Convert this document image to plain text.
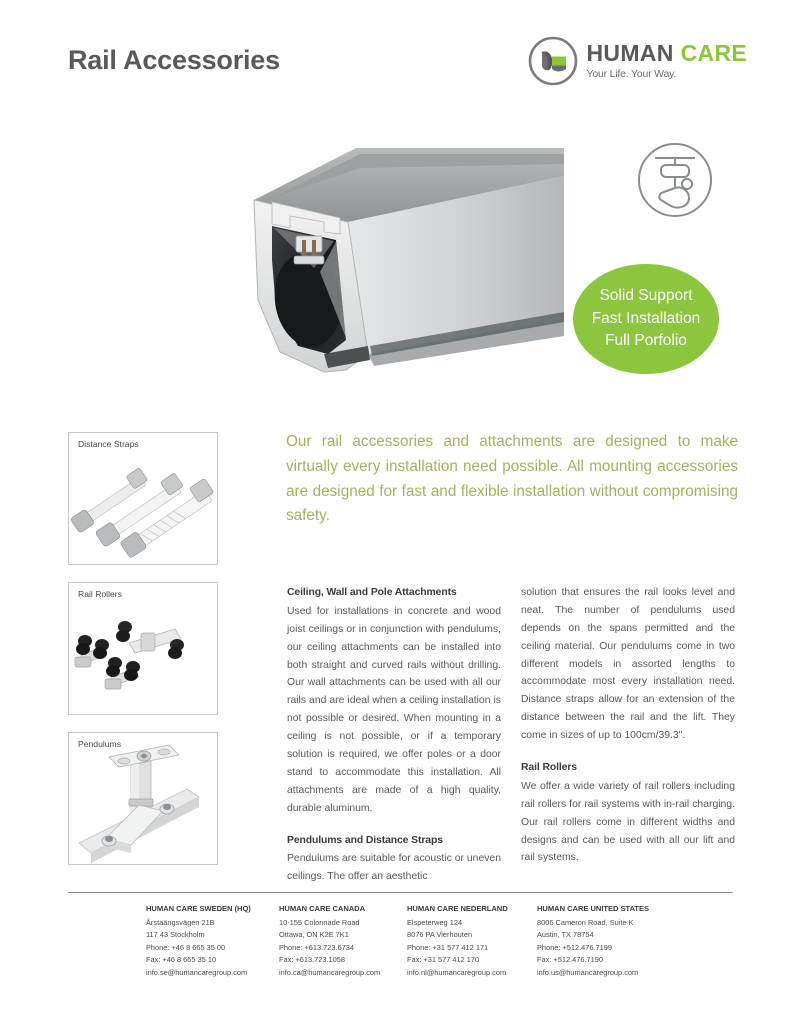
Rail Accessories	HUMAN CARE
Your Life. Your Way.
Solid Support
Fast Installation
Full Porfolio
Our rail accessories and attachments are designed to make virtually every installation need possible. All mounting accessories are designed for fast and flexible installation without compromising safety.
Distance Straps
Rail Rollers
Pendulums
Ceiling, Wall and Pole Attachments

Used for installations in concrete and wood joist ceilings or in conjunction with pendulums, our ceiling attachments can be installed into both straight and curved rails without drilling. Our wall attachments can be used with all our rails and are ideal when a ceiling installation is not possible or desired. When mounting in a ceiling is not possible, or if a temporary solution is required, we offer poles or a door stand to accommodate this installation. All attachments are made of a high quality, durable aluminum.

Pendulums and Distance Straps

Pendulums are suitable for acoustic or uneven ceilings. The offer an aesthetic

solution that ensures the rail looks level and neat. The number of pendulums used depends on the spans permitted and the ceiling material. Our pendulums come in two different models in assorted lengths to accommodate most every installation need. Distance straps allow for an extension of the distance between the rail and the lift. They come in sizes of up to 100cm/39.3".

Rail Rollers

We offer a wide variety of rail rollers including rail rollers for rail systems with in-rail charging. Our rail rollers come in different widths and designs and can be used with all our lift and rail systems.

HUMAN CARE SWEDEN (HQ)
Årstaängsvägen 21B
117 43 Stockholm
Phone: +46 8 665 35 00
Fax: +46 8 665 35 10
info.se@humancaregroup.com
HUMAN CARE CANADA
10-155 Colonnade Road
Ottawa, ON K2E 7K1
Phone: +613.723.6734
Fax: +613.723.1058
info.ca@humancaregroup.com
HUMAN CARE NEDERLAND
Elspeterweg 124
8076 PA Vierhouten
Phone: +31 577 412 171
Fax: +31 577 412 170
info.nl@humancaregroup.com
HUMAN CARE UNITED STATES
8006 Cameron Road, Suite K
Austin, TX 78754
Phone: +512.476.7199
Fax: +512.476.7190
info.us@humancaregroup.com
